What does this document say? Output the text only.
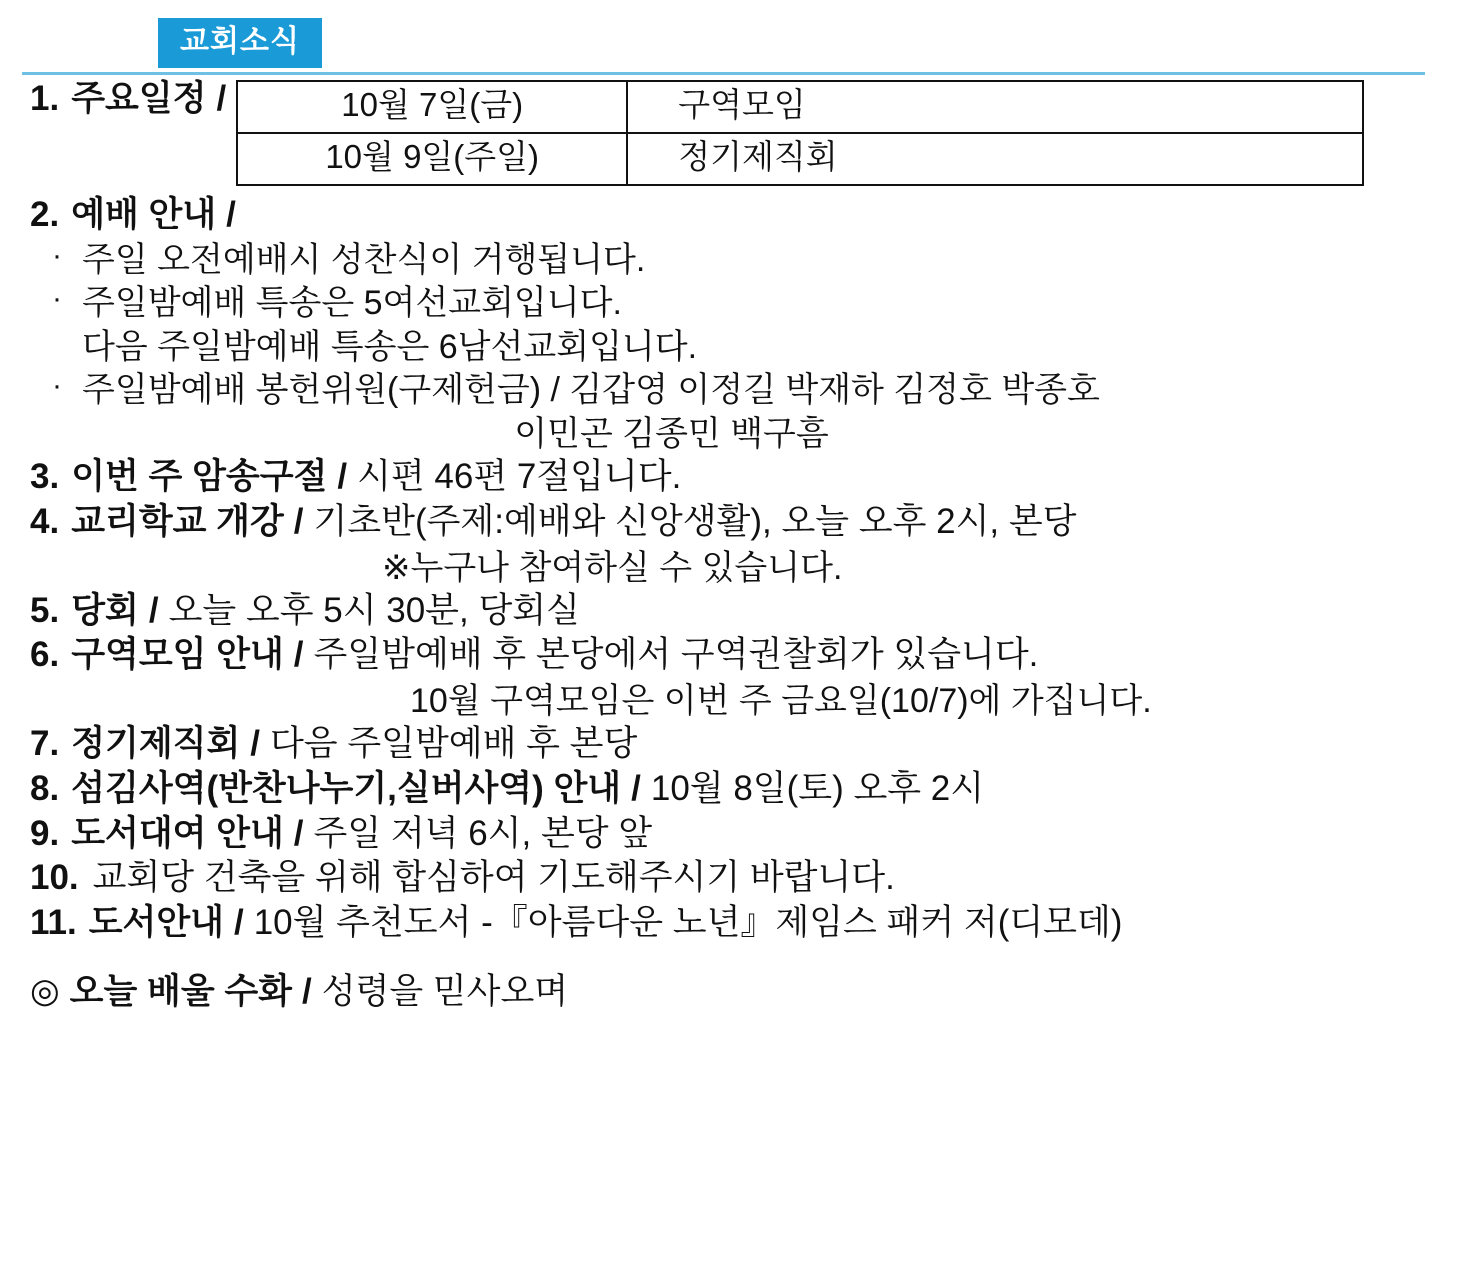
교회소식
1. 주요일정 /	10월 7일(금)	구역모임
10월 9일(주일)	정기제직회
2. 예배 안내 /
· 주일 오전예배시 성찬식이 거행됩니다.
· 주일밤예배 특송은 5여선교회입니다.
다음 주일밤예배 특송은 6남선교회입니다.
· 주일밤예배 봉헌위원(구제헌금) / 김갑영 이정길 박재하 김정호 박종호
이민곤 김종민 백구흠
3. 이번 주 암송구절 / 시편 46편 7절입니다.
4. 교리학교 개강 / 기초반(주제:예배와 신앙생활), 오늘 오후 2시, 본당
※누구나 참여하실 수 있습니다.
5. 당회 / 오늘 오후 5시 30분, 당회실
6. 구역모임 안내 / 주일밤예배 후 본당에서 구역권찰회가 있습니다.
10월 구역모임은 이번 주 금요일(10/7)에 가집니다.
7. 정기제직회 / 다음 주일밤예배 후 본당
8. 섬김사역(반찬나누기,실버사역) 안내 / 10월 8일(토) 오후 2시
9. 도서대여 안내 / 주일 저녁 6시, 본당 앞
10. 교회당 건축을 위해 합심하여 기도해주시기 바랍니다.
11. 도서안내 / 10월 추천도서 -『아름다운 노년』제임스 패커 저(디모데)
◎ 오늘 배울 수화 / 성령을 믿사오며
